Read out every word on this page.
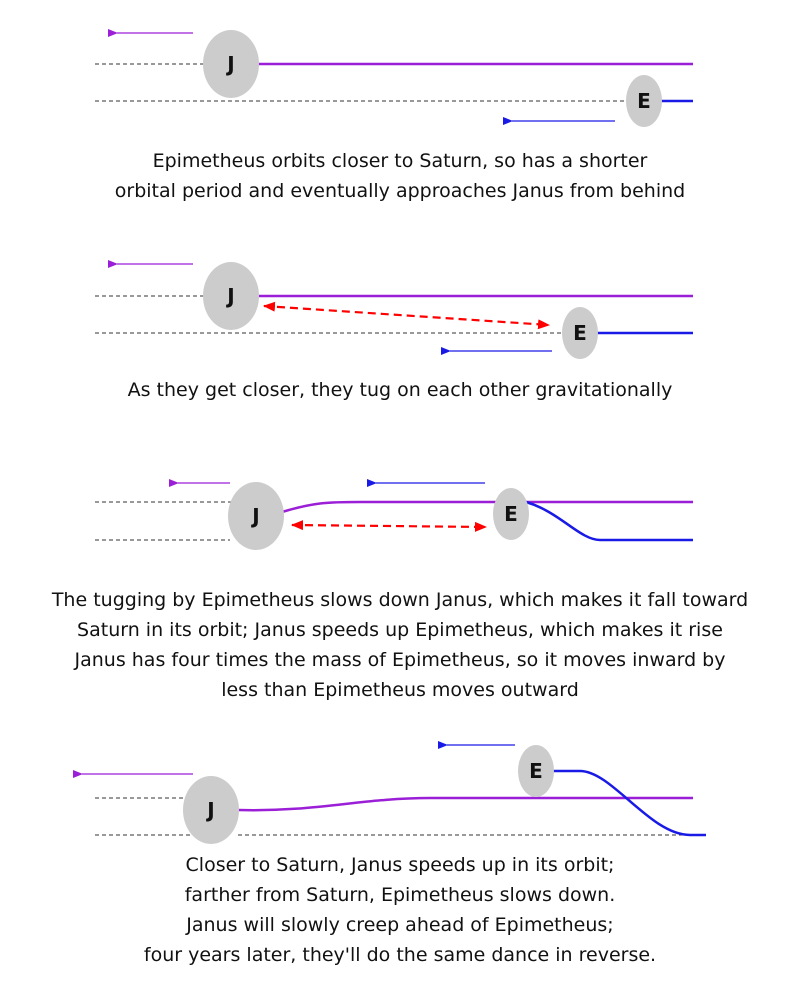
J
E
J
E
J	E
J
E
Epimetheus orbits closer to Saturn, so has a shorter
orbital period and eventually approaches Janus from behind
As they get closer, they tug on each other gravitationally
The tugging by Epimetheus slows down Janus, which makes it fall toward
Saturn in its orbit; Janus speeds up Epimetheus, which makes it rise
Janus has four times the mass of Epimetheus, so it moves inward by
less than Epimetheus moves outward
Closer to Saturn, Janus speeds up in its orbit;
farther from Saturn, Epimetheus slows down.
Janus will slowly creep ahead of Epimetheus;
four years later, they'll do the same dance in reverse.
